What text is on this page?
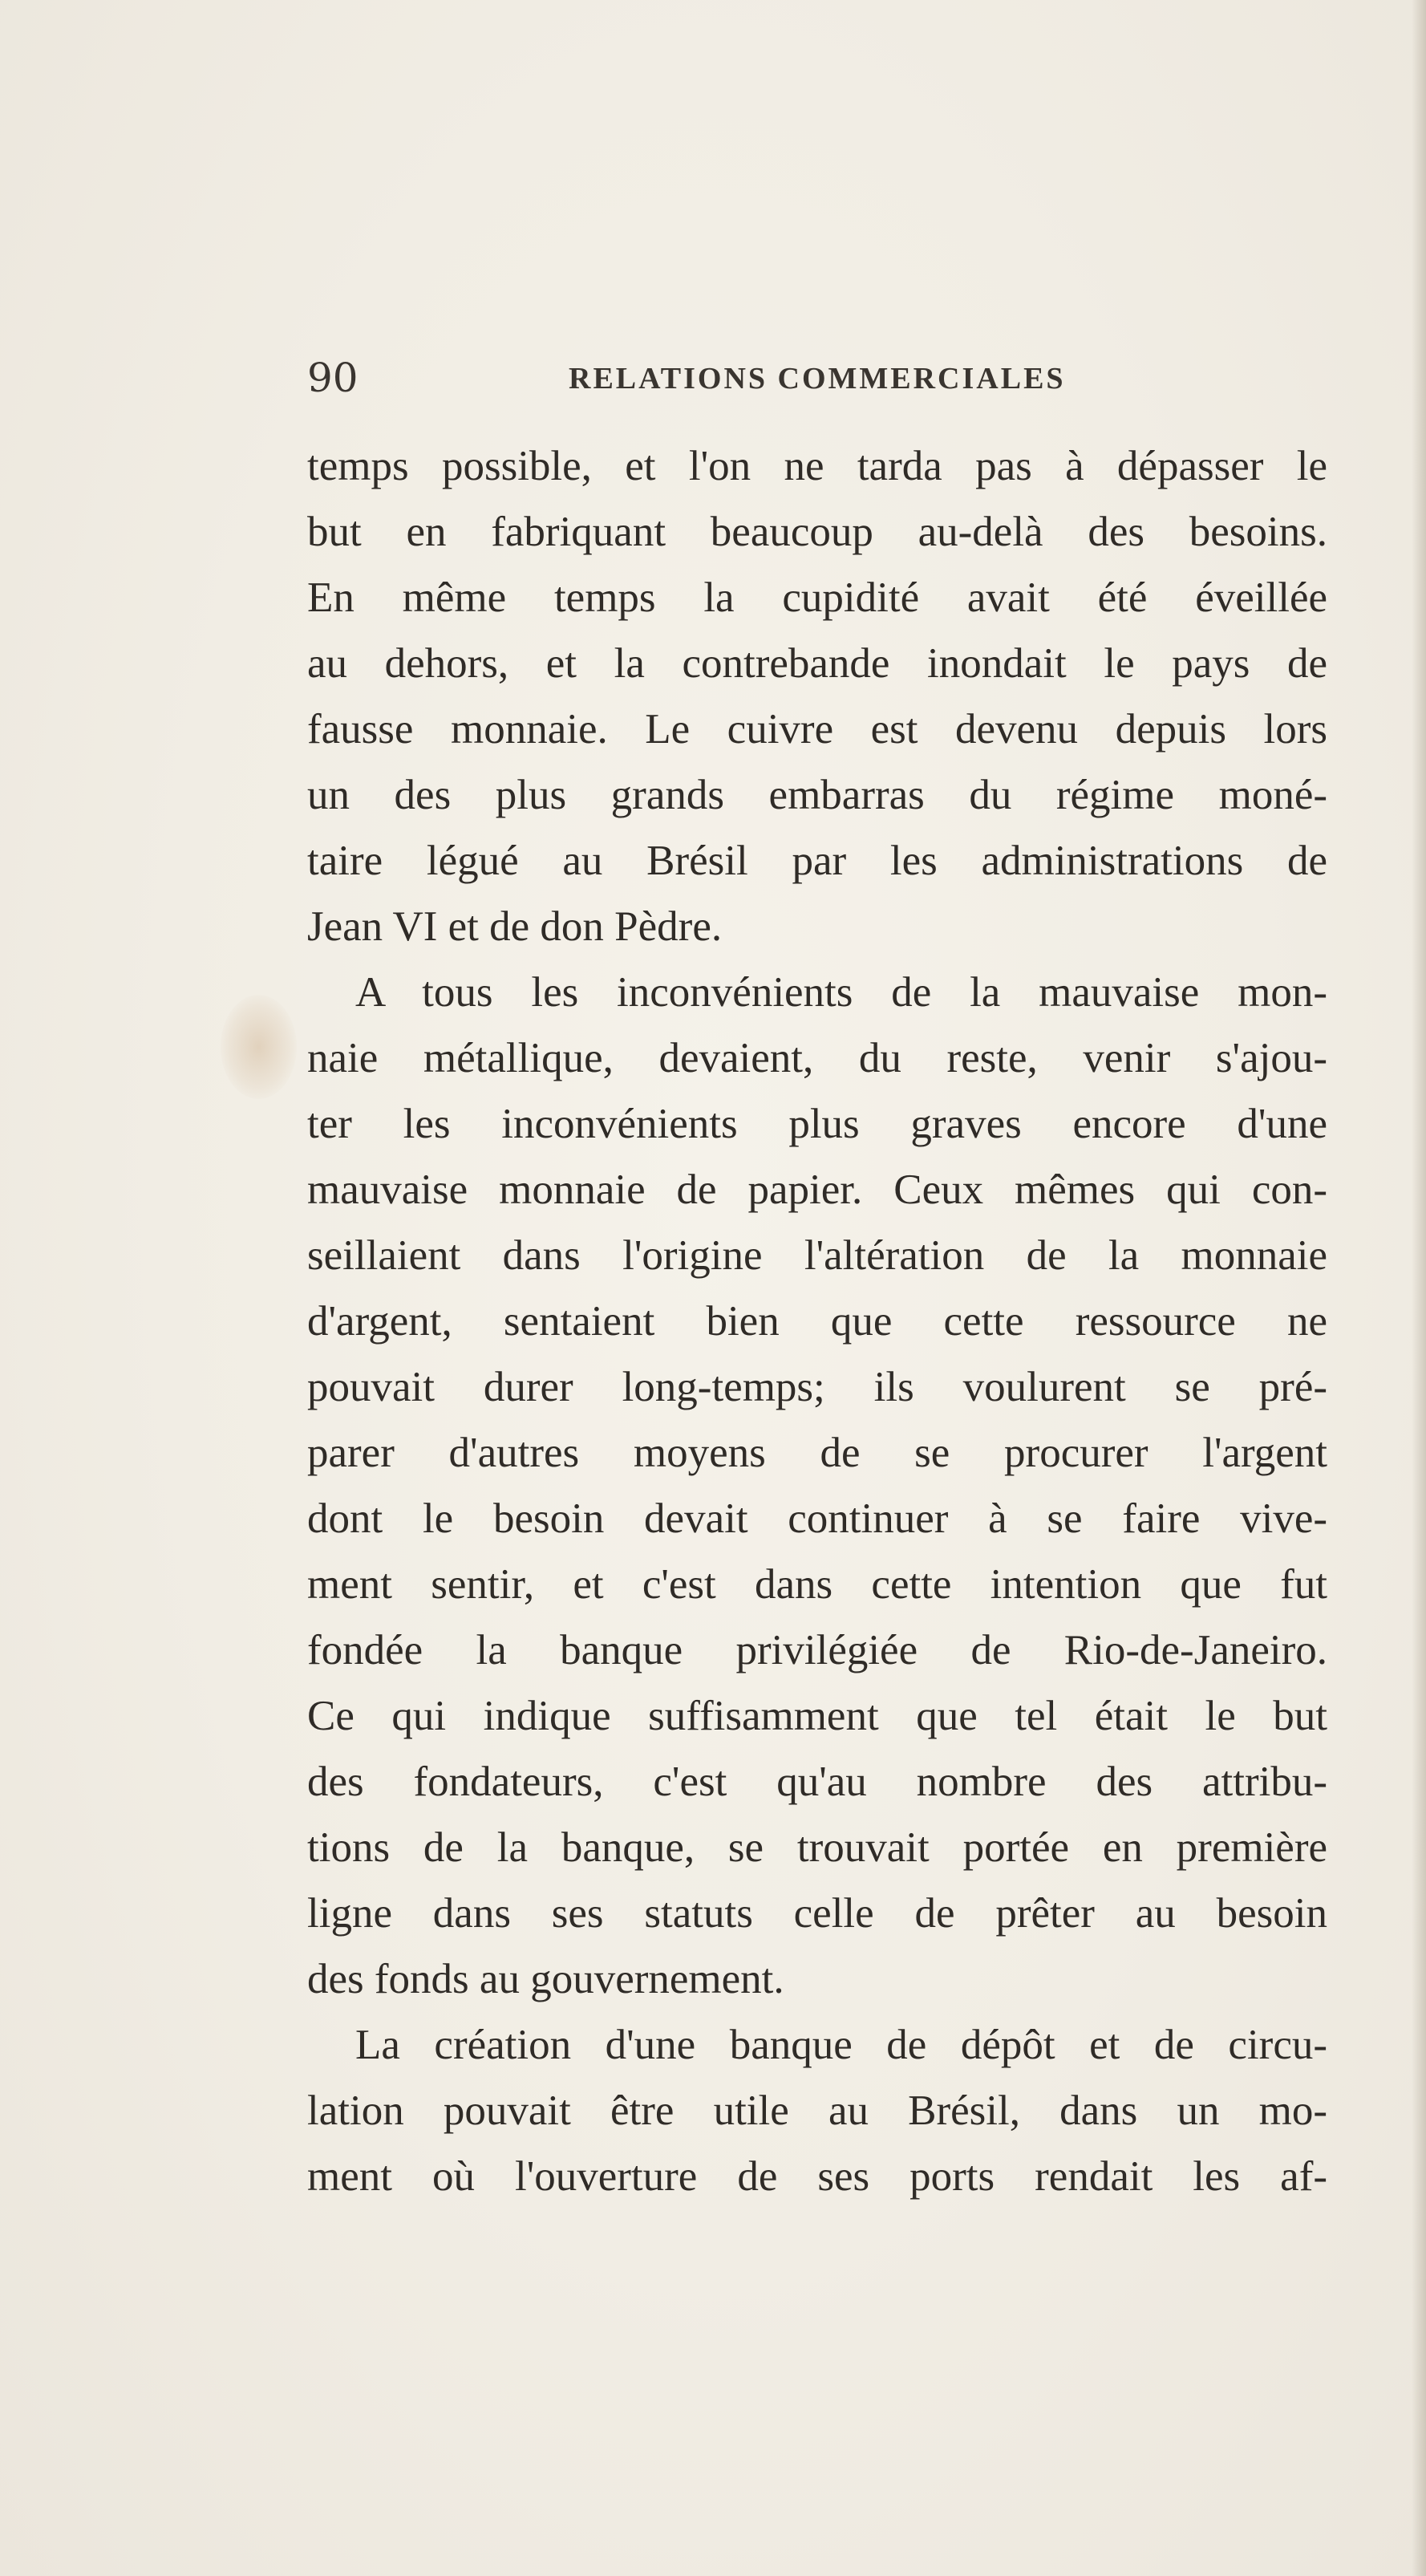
90	RELATIONS COMMERCIALES
temps possible, et l'on ne tarda pas à dépasser le
but en fabriquant beaucoup au-delà des besoins.
En même temps la cupidité avait été éveillée
au dehors, et la contrebande inondait le pays de
fausse monnaie. Le cuivre est devenu depuis lors
un des plus grands embarras du régime moné-
taire légué au Brésil par les administrations de
Jean VI et de don Pèdre.
A tous les inconvénients de la mauvaise mon-
naie métallique, devaient, du reste, venir s'ajou-
ter les inconvénients plus graves encore d'une
mauvaise monnaie de papier. Ceux mêmes qui con-
seillaient dans l'origine l'altération de la monnaie
d'argent, sentaient bien que cette ressource ne
pouvait durer long-temps; ils voulurent se pré-
parer d'autres moyens de se procurer l'argent
dont le besoin devait continuer à se faire vive-
ment sentir, et c'est dans cette intention que fut
fondée la banque privilégiée de Rio-de-Janeiro.
Ce qui indique suffisamment que tel était le but
des fondateurs, c'est qu'au nombre des attribu-
tions de la banque, se trouvait portée en première
ligne dans ses statuts celle de prêter au besoin
des fonds au gouvernement.
La création d'une banque de dépôt et de circu-
lation pouvait être utile au Brésil, dans un mo-
ment où l'ouverture de ses ports rendait les af-
